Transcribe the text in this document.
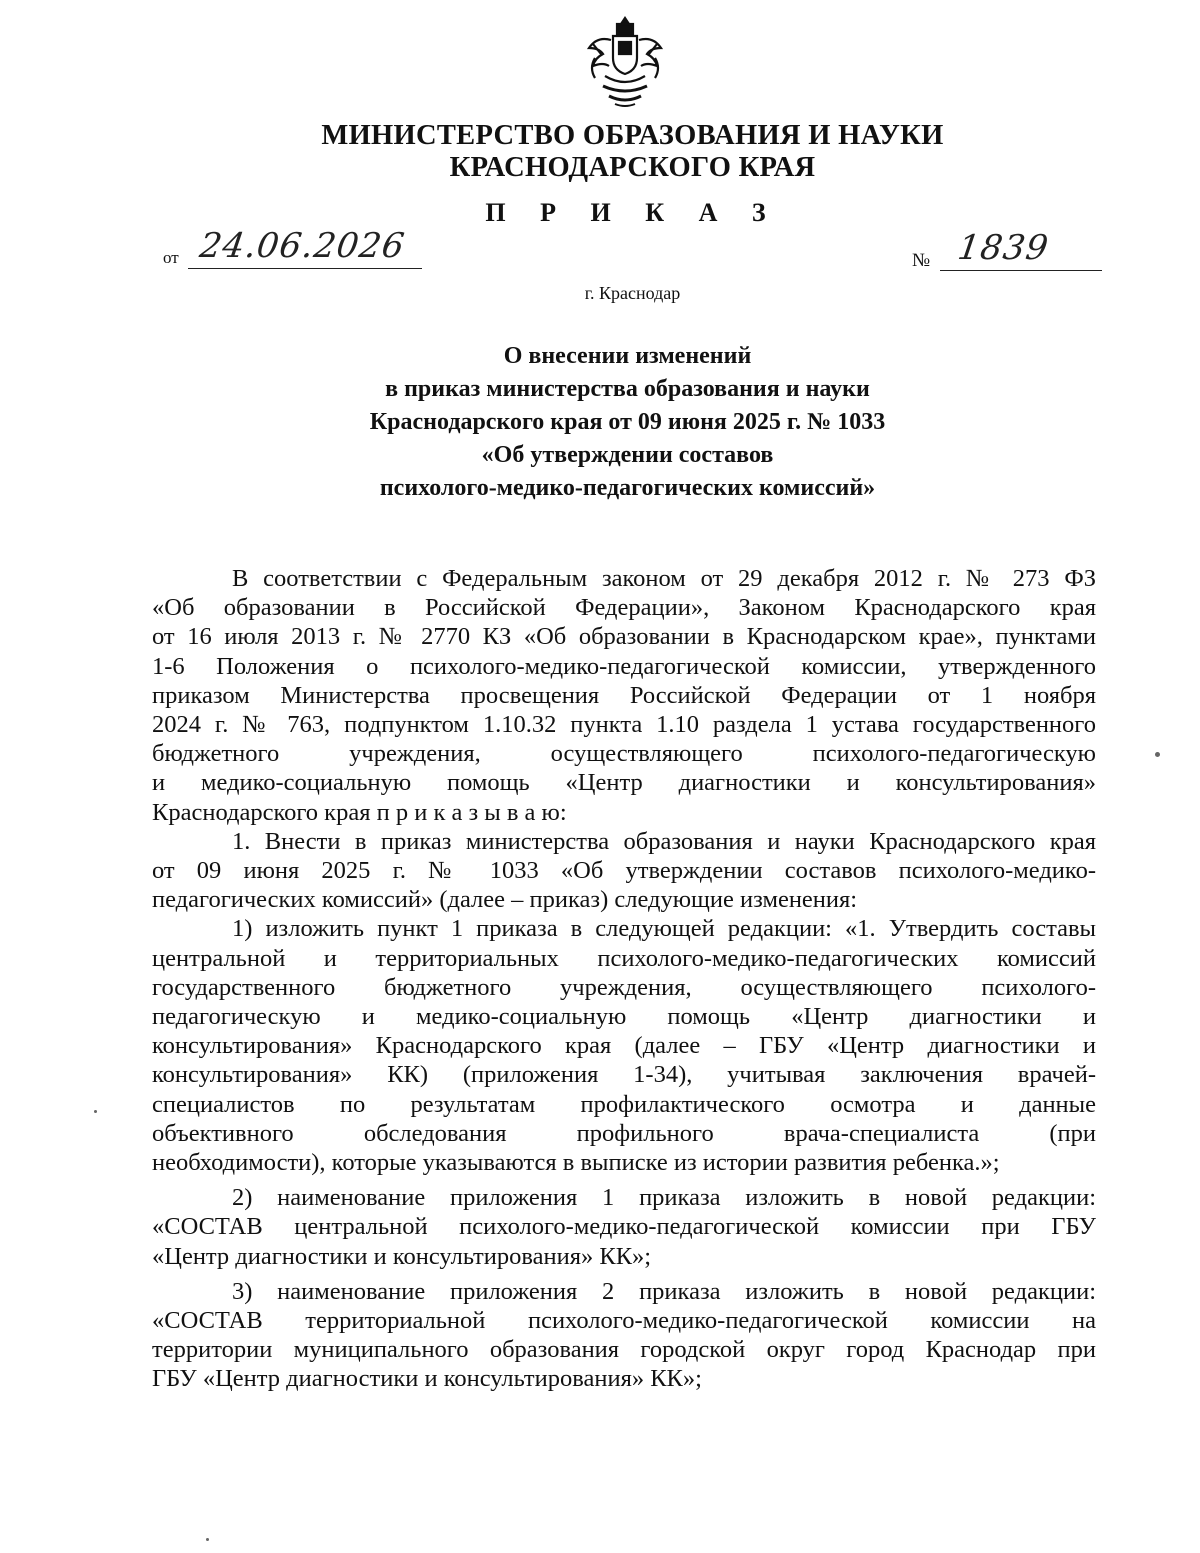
МИНИСТЕРСТВО ОБРАЗОВАНИЯ И НАУКИ
КРАСНОДАРСКОГО КРАЯ
П Р И К А З
от 24.06.2026	№ 1839
г. Краснодар
О внесении изменений
в приказ министерства образования и науки
Краснодарского края от 09 июня 2025 г. № 1033
«Об утверждении составов
психолого-медико-педагогических комиссий»
В соответствии с Федеральным законом от 29 декабря 2012 г. № 273 ФЗ
«Об образовании в Российской Федерации», Законом Краснодарского края
от 16 июля 2013 г. № 2770 КЗ «Об образовании в Краснодарском крае», пунктами
1-6 Положения о психолого-медико-педагогической комиссии, утвержденного
приказом Министерства просвещения Российской Федерации от 1 ноября
2024 г. № 763, подпунктом 1.10.32 пункта 1.10 раздела 1 устава государственного
бюджетного учреждения, осуществляющего психолого-педагогическую
и медико-социальную помощь «Центр диагностики и консультирования»
Краснодарского края п р и к а з ы в а ю:
1. Внести в приказ министерства образования и науки Краснодарского края
от 09 июня 2025 г. № 1033 «Об утверждении составов психолого-медико-
педагогических комиссий» (далее – приказ) следующие изменения:
1) изложить пункт 1 приказа в следующей редакции: «1. Утвердить составы
центральной и территориальных психолого-медико-педагогических комиссий
государственного бюджетного учреждения, осуществляющего психолого-
педагогическую и медико-социальную помощь «Центр диагностики и
консультирования» Краснодарского края (далее – ГБУ «Центр диагностики и
консультирования» КК) (приложения 1-34), учитывая заключения врачей-
специалистов по результатам профилактического осмотра и данные
объективного обследования профильного врача-специалиста (при
необходимости), которые указываются в выписке из истории развития ребенка.»;
2) наименование приложения 1 приказа изложить в новой редакции:
«СОСТАВ центральной психолого-медико-педагогической комиссии при ГБУ
«Центр диагностики и консультирования» КК»;
3) наименование приложения 2 приказа изложить в новой редакции:
«СОСТАВ территориальной психолого-медико-педагогической комиссии на
территории муниципального образования городской округ город Краснодар при
ГБУ «Центр диагностики и консультирования» КК»;
